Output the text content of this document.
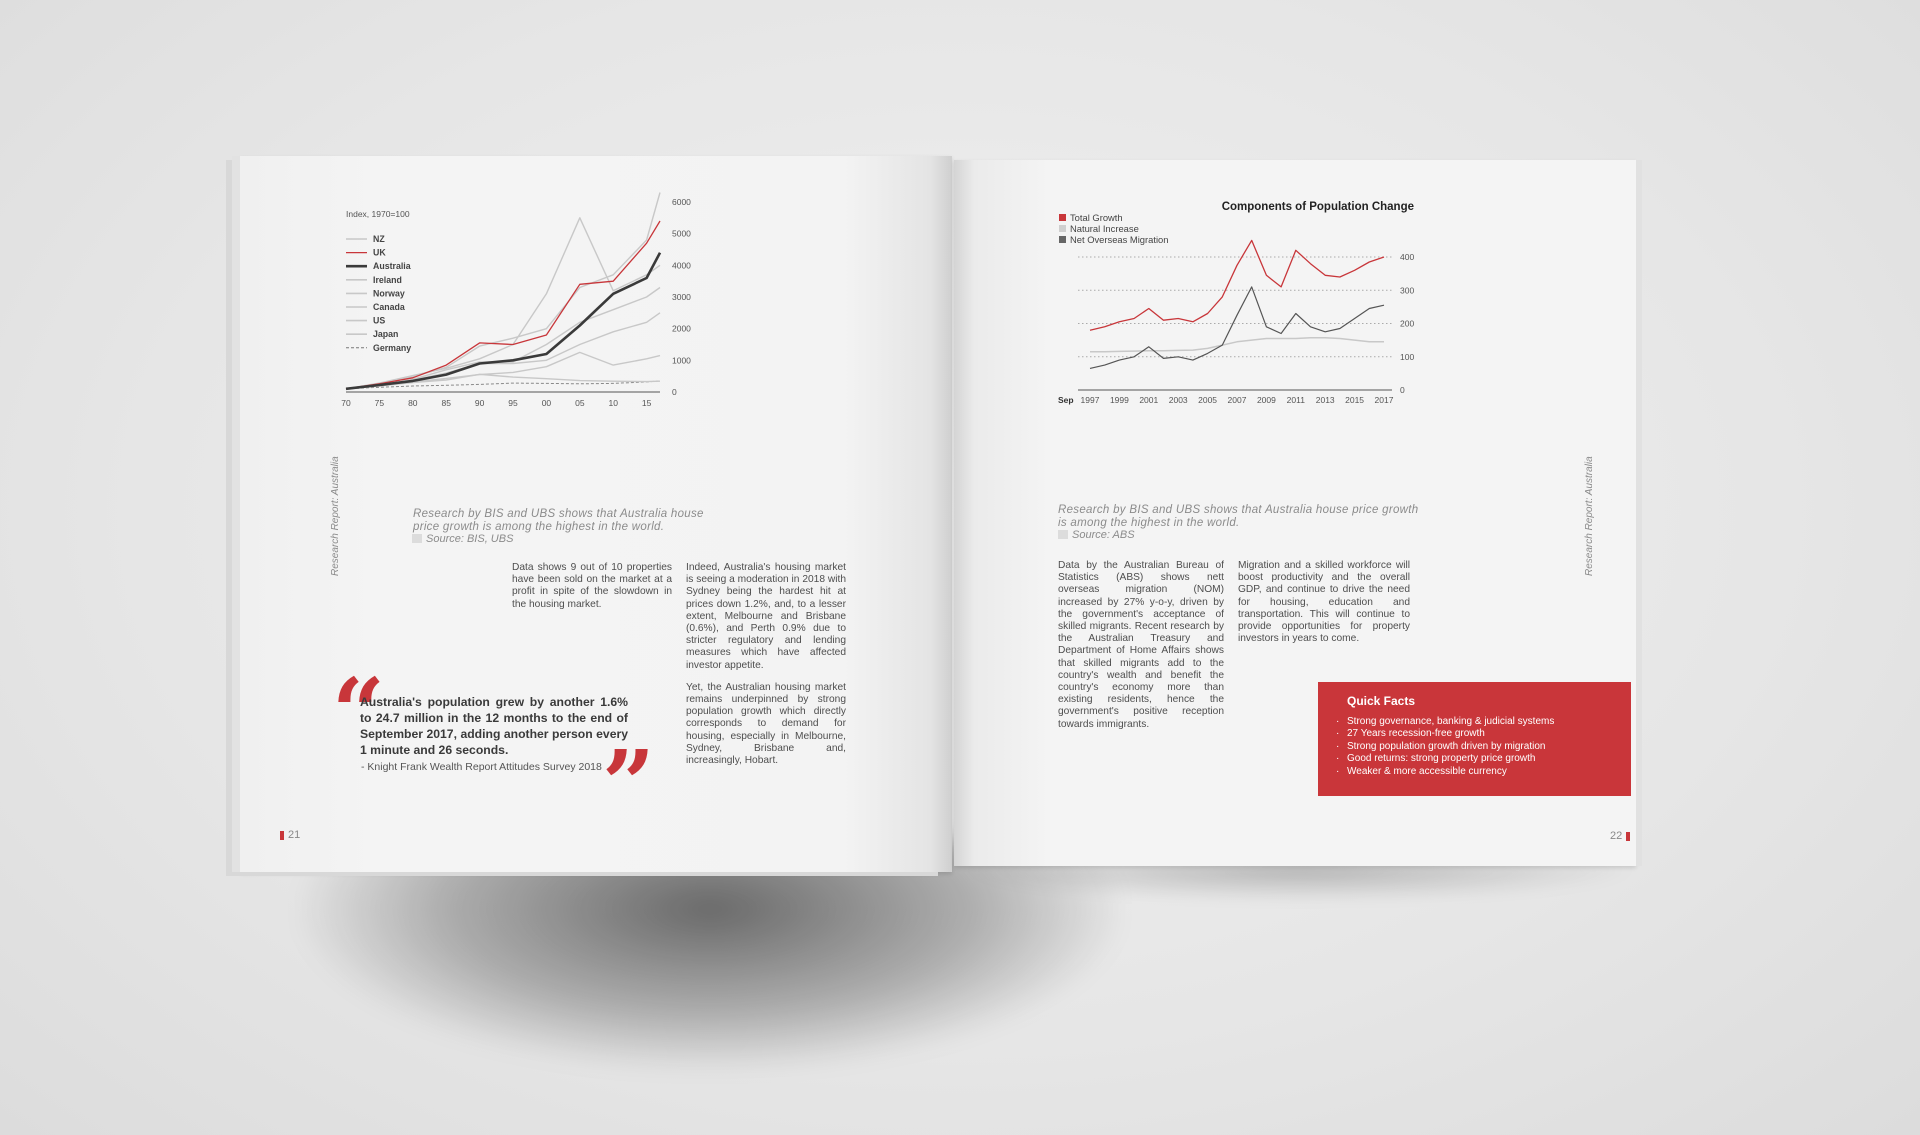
Research Report: Australia
Index, 1970=100
70	75	80	85	90	95	00	05	10	15
0
1000
2000
3000
4000
5000
6000
NZ
UK
Australia
Ireland
Norway
Canada
US
Japan
Germany
Research by BIS and UBS shows that Australia house
price growth is among the highest in the world.
Source: BIS, UBS

Data shows 9 out of 10 properties have been sold on the market at a profit in spite of the slowdown in the housing market.

Indeed, Australia's housing market is seeing a moderation in 2018 with Sydney being the hardest hit at prices down 1.2%, and, to a lesser extent, Melbourne and Brisbane (0.6%), and Perth 0.9% due to stricter regulatory and lending measures which have affected investor appetite.

Yet, the Australian housing market remains underpinned by strong population growth which directly corresponds to demand for housing, especially in Melbourne, Sydney, Brisbane and, increasingly, Hobart.

“
”
Australia's population grew by another 1.6% to 24.7 million in the 12 months to the end of September 2017, adding another person every 1 minute and 26 seconds.
- Knight Frank Wealth Report Attitudes Survey 2018
21
Components of Population Change
0
100
200
300
400
Sep 1997 1999 2001 2003 2005 2007 2009 2011 2013 2015 2017
Total Growth
Natural Increase
Net Overseas Migration
Research by BIS and UBS shows that Australia house price growth
is among the highest in the world.
Source: ABS

Data by the Australian Bureau of Statistics (ABS) shows nett overseas migration (NOM) increased by 27% y-o-y, driven by the government's acceptance of skilled migrants. Recent research by the Australian Treasury and Department of Home Affairs shows that skilled migrants add to the country's wealth and benefit the country's economy more than existing residents, hence the government's positive reception towards immigrants.

Migration and a skilled workforce will boost productivity and the overall GDP, and continue to drive the need for housing, education and transportation. This will continue to provide opportunities for property investors in years to come.

Quick Facts
· Strong governance, banking & judicial systems
· 27 Years recession-free growth
· Strong population growth driven by migration
· Good returns: strong property price growth
· Weaker & more accessible currency
Research Report: Australia
22
